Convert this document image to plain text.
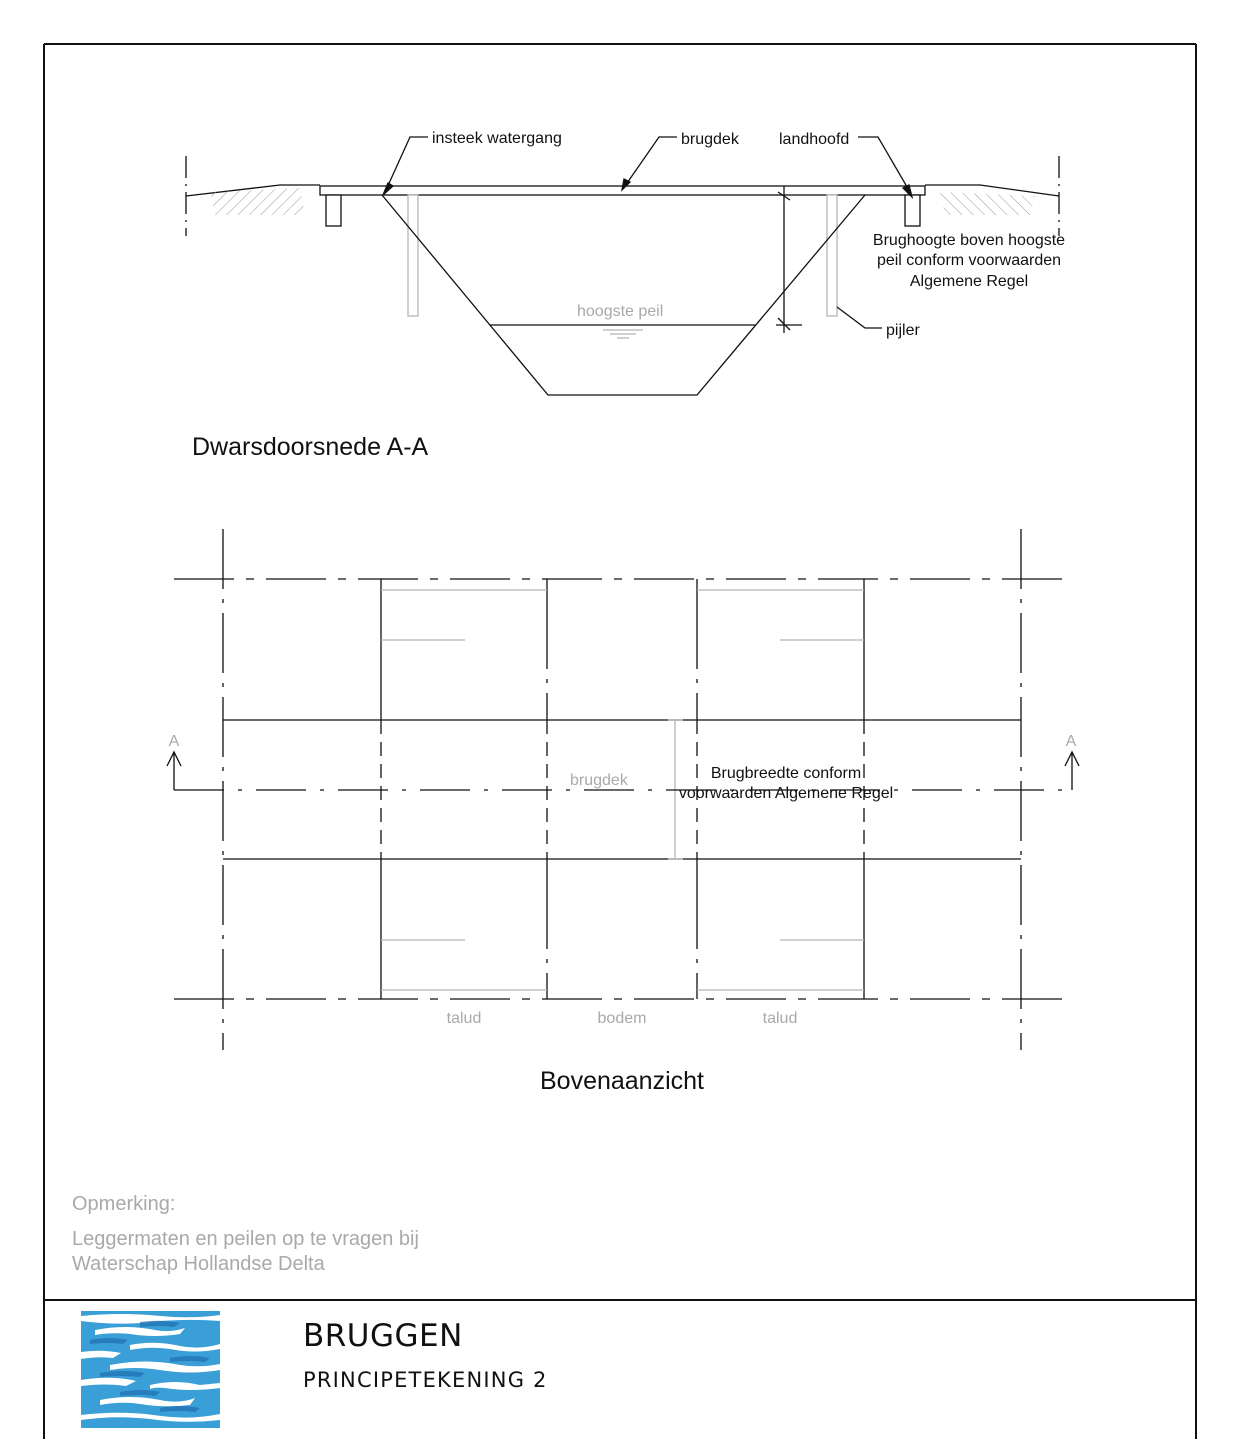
insteek watergang	brugdek	landhoofd
pijler
hoogste peil
Brughoogte boven hoogste
peil conform voorwaarden
Algemene Regel
Dwarsdoorsnede A-A
A	A
brugdek	Brugbreedte conform
voorwaarden Algemene Regel
talud	bodem	talud
Bovenaanzicht
Opmerking:
Leggermaten en peilen op te vragen bij
Waterschap Hollandse Delta
BRUGGEN
PRINCIPETEKENING 2
